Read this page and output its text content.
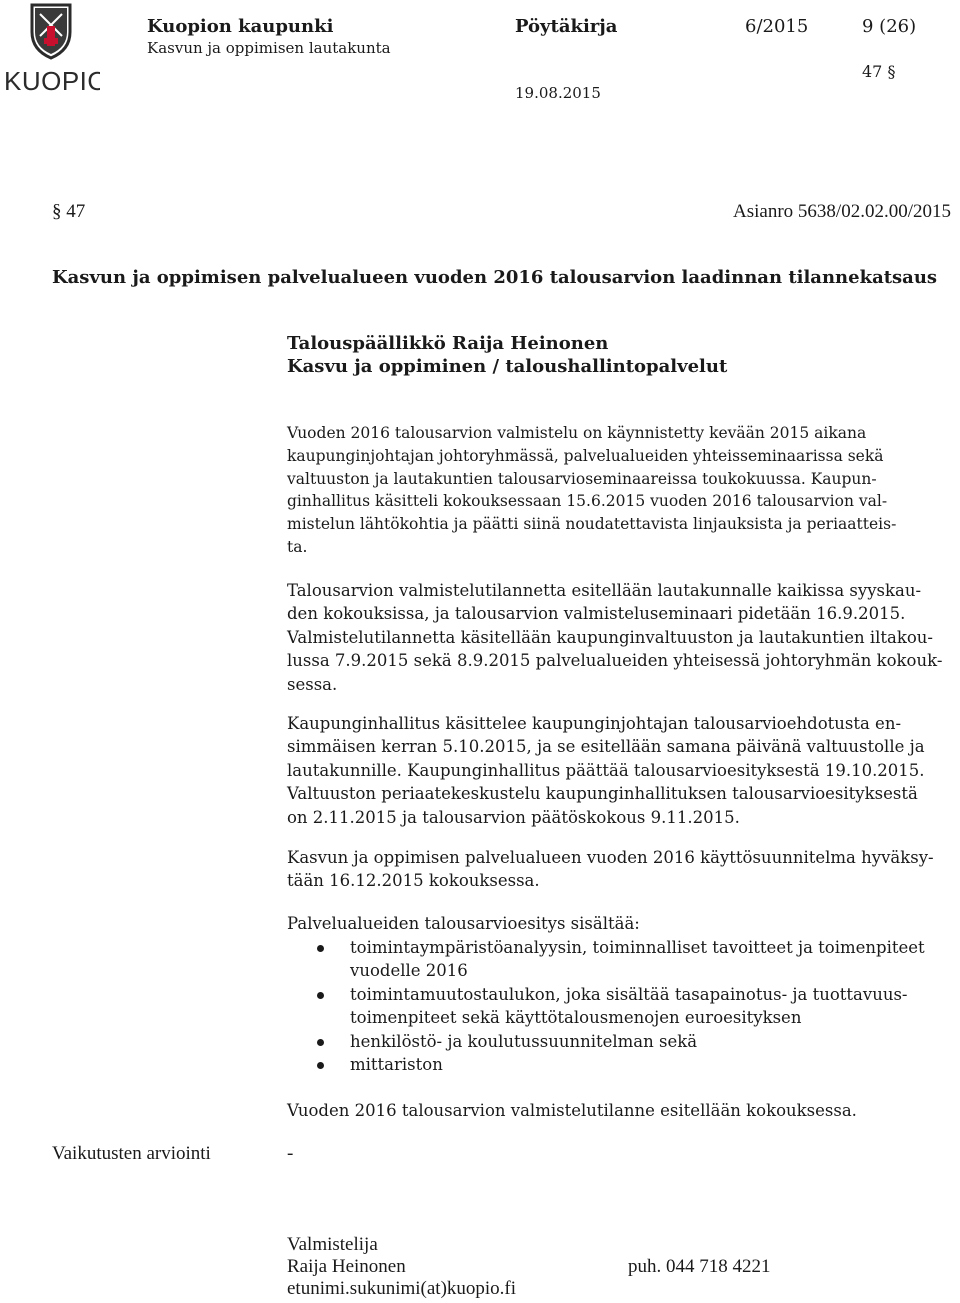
KUOPIO
Kuopion kaupunki
Kasvun ja oppimisen lautakunta
Pöytäkirja	6/2015	9 (26)
47 §
19.08.2015
§ 47	Asianro 5638/02.02.00/2015
Kasvun ja oppimisen palvelualueen vuoden 2016 talousarvion laadinnan tilannekatsaus
Talouspäällikkö Raija Heinonen
Kasvu ja oppiminen / taloushallintopalvelut
Vuoden 2016 talousarvion valmistelu on käynnistetty kevään 2015 aikana
kaupunginjohtajan johtoryhmässä, palvelualueiden yhteisseminaarissa sekä
valtuuston ja lautakuntien talousarvioseminaareissa toukokuussa. Kaupun-
ginhallitus käsitteli kokouksessaan 15.6.2015 vuoden 2016 talousarvion val-
mistelun lähtökohtia ja päätti siinä noudatettavista linjauksista ja periaatteis-
ta.
Talousarvion valmistelutilannetta esitellään lautakunnalle kaikissa syyskau-
den kokouksissa, ja talousarvion valmisteluseminaari pidetään 16.9.2015.
Valmistelutilannetta käsitellään kaupunginvaltuuston ja lautakuntien iltakou-
lussa 7.9.2015 sekä 8.9.2015 palvelualueiden yhteisessä johtoryhmän kokouk-
sessa.
Kaupunginhallitus käsittelee kaupunginjohtajan talousarvioehdotusta en-
simmäisen kerran 5.10.2015, ja se esitellään samana päivänä valtuustolle ja
lautakunnille. Kaupunginhallitus päättää talousarvioesityksestä 19.10.2015.
Valtuuston periaatekeskustelu kaupunginhallituksen talousarvioesityksestä
on 2.11.2015 ja talousarvion päätöskokous 9.11.2015.
Kasvun ja oppimisen palvelualueen vuoden 2016 käyttösuunnitelma hyväksy-
tään 16.12.2015 kokouksessa.
Palvelualueiden talousarvioesitys sisältää:
toimintaympäristöanalyysin, toiminnalliset tavoitteet ja toimenpiteet
vuodelle 2016
toimintamuutostaulukon, joka sisältää tasapainotus- ja tuottavuus-
toimenpiteet sekä käyttötalousmenojen euroesityksen
henkilöstö- ja koulutussuunnitelman sekä
mittariston
Vuoden 2016 talousarvion valmistelutilanne esitellään kokouksessa.
Vaikutusten arviointi	-
Valmistelija
Raija Heinonen	puh. 044 718 4221
etunimi.sukunimi(at)kuopio.fi
